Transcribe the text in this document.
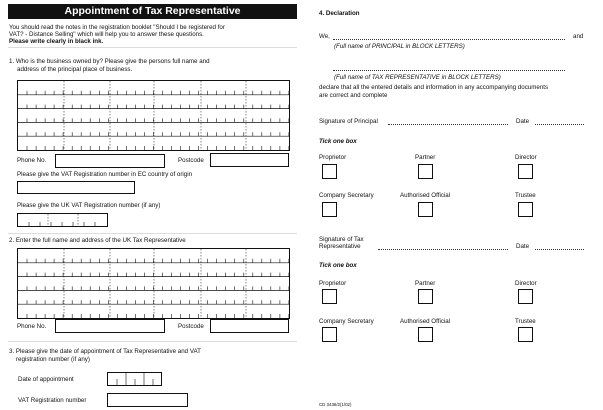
Appointment of Tax Representative
You should read the notes in the registration booklet "Should I be registered for
VAT? - Distance Selling" which will help you to answer these questions.
Please write clearly in black ink.
1. Who is the business owned by? Please give the persons full name and
address of the principal place of business.
Phone No.	Postcode
Please give the VAT Registration number in EC country of origin
Please give the UK VAT Registration number (if any)
2. Enter the full name and address of the UK Tax Representative
Phone No.	Postcode
3. Please give the date of appointment of Tax Representative and VAT
registration number (if any)
Date of appointment
VAT Registration number
4. Declaration
We,	and
(Full name of PRINCIPAL in BLOCK LETTERS)
(Full name of TAX REPRESENTATIVE in BLOCK LETTERS)
declare that all the entered details and information in any accompanying documents
are correct and complete
Signature of Principal	Date
Tick one box
Proprietor	Partner	Director
Company Secretary	Authorised Official	Trustee
Signature of Tax
Representative	Date
Tick one box
Proprietor	Partner	Director
Company Secretary	Authorised Official	Trustee
CD 3436/2(1/02)
